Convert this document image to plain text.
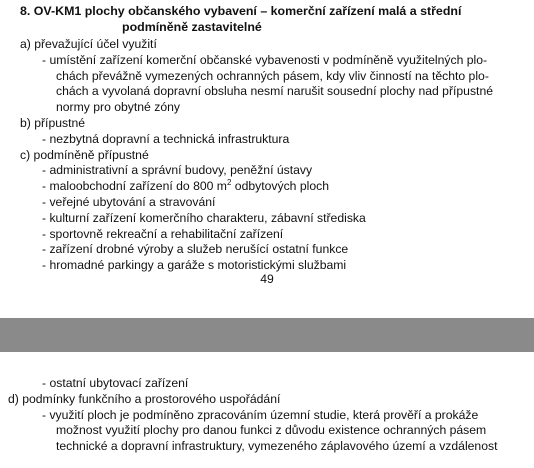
8. OV-KM1 plochy občanského vybavení – komerční zařízení malá a střední
podmíněně zastavitelné
a) převažující účel využití
- umístění zařízení komerční občanské vybavenosti v podmíněně využitelných plo-
chách převážně vymezených ochranných pásem, kdy vliv činností na těchto plo-
chách a vyvolaná dopravní obsluha nesmí narušit sousední plochy nad přípustné
normy pro obytné zóny
b) přípustné
- nezbytná dopravní a technická infrastruktura
c) podmíněně přípustné
- administrativní a správní budovy, peněžní ústavy
- maloobchodní zařízení do 800 $m^2$ odbytových ploch
- veřejné ubytování a stravování
- kulturní zařízení komerčního charakteru, zábavní střediska
- sportovně rekreační a rehabilitační zařízení
- zařízení drobné výroby a služeb nerušící ostatní funkce
- hromadné parkingy a garáže s motoristickými službami
49
- ostatní ubytovací zařízení
d) podmínky funkčního a prostorového uspořádání
- využití ploch je podmíněno zpracováním územní studie, která prověří a prokáže
možnost využití plochy pro danou funkci z důvodu existence ochranných pásem
technické a dopravní infrastruktury, vymezeného záplavového území a vzdálenost
